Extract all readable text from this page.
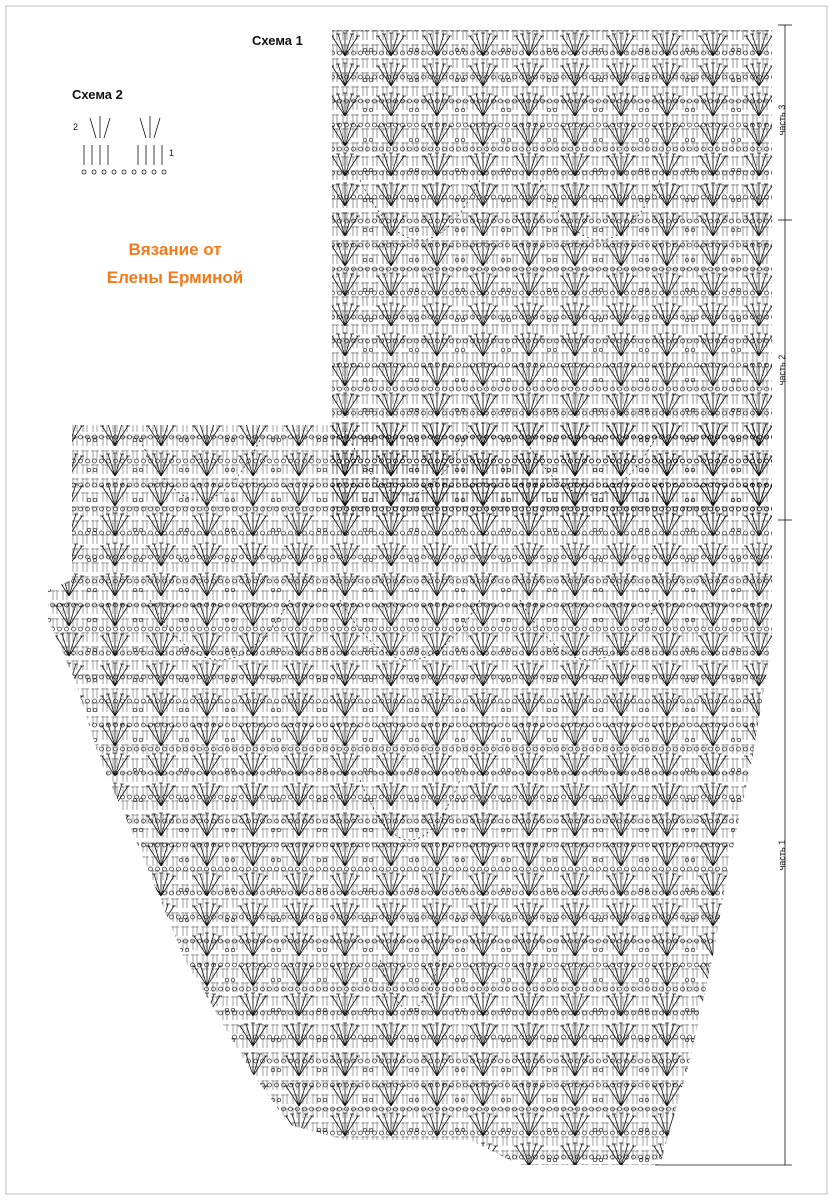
Схема 1
Схема 2
2
1
Вязание от
Елены Ерминой
часть 3
часть 2
часть 1
